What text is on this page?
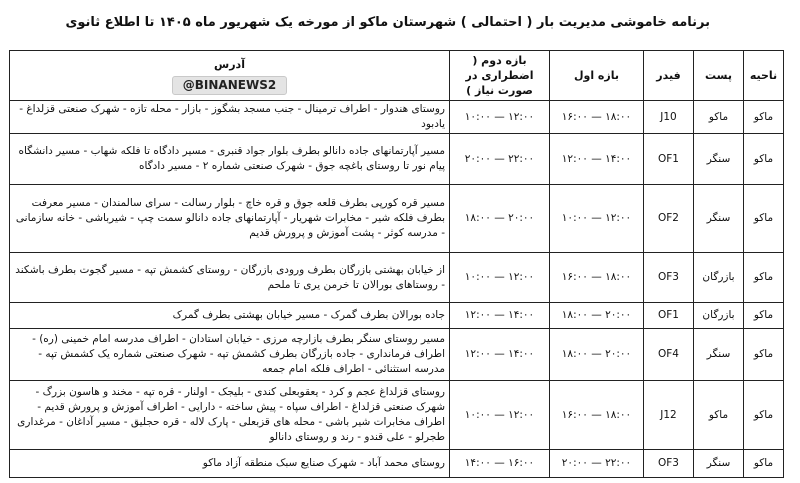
برنامه خاموشی مدیریت بار ( احتمالی ) شهرستان ماکو از مورخه یک شهریور ماه ۱۴۰۵ تا اطلاع ثانوی
ناحیه	پست	فیدر	بازه اول	بازه دوم ( اضطراری در صورت نیاز )	آدرس
@BINANEWS2
ماکو	ماکو	J10	۱۸:۰۰ — ۱۶:۰۰	۱۲:۰۰ — ۱۰:۰۰	روستای هندوار - اطراف ترمینال - جنب مسجد بشگوز - بازار - محله تازه - شهرک صنعتی قزلداغ - یادبود
ماکو	سنگر	OF1	۱۴:۰۰ — ۱۲:۰۰	۲۲:۰۰ — ۲۰:۰۰	مسیر آپارتمانهای جاده دانالو بطرف بلوار جواد قنبری - مسیر دادگاه تا فلکه شهاب - مسیر دانشگاه پیام نور تا روستای باغچه جوق - شهرک صنعتی شماره ۲ - مسیر دادگاه
ماکو	سنگر	OF2	۱۲:۰۰ — ۱۰:۰۰	۲۰:۰۰ — ۱۸:۰۰	مسیر قره کورپی بطرف قلعه جوق و قره خاچ - بلوار رسالت - سرای سالمندان - مسیر معرفت بطرف فلکه شیر - مخابرات شهریار - آپارتمانهای جاده دانالو سمت چپ - شیرباشی - خانه سازمانی - مدرسه کوثر - پشت آموزش و پرورش قدیم
ماکو	بازرگان	OF3	۱۸:۰۰ — ۱۶:۰۰	۱۲:۰۰ — ۱۰:۰۰	از خیابان بهشتی بازرگان بطرف ورودی بازرگان - روستای کشمش تپه - مسیر گجوت بطرف باشکند - روستاهای بورالان تا خرمن یری تا ملحم
ماکو	بازرگان	OF1	۲۰:۰۰ — ۱۸:۰۰	۱۴:۰۰ — ۱۲:۰۰	جاده بورالان بطرف گمرک - مسیر خیابان بهشتی بطرف گمرک
ماکو	سنگر	OF4	۲۰:۰۰ — ۱۸:۰۰	۱۴:۰۰ — ۱۲:۰۰	مسیر روستای سنگر بطرف بازارچه مرزی - خیابان استادان - اطراف مدرسه امام خمینی (ره) - اطراف فرمانداری - جاده بازرگان بطرف کشمش تپه - شهرک صنعتی شماره یک کشمش تپه - مدرسه استثنائی - اطراف فلکه امام جمعه
ماکو	ماکو	J12	۱۸:۰۰ — ۱۶:۰۰	۱۲:۰۰ — ۱۰:۰۰	روستای قزلداغ عجم و کرد - یعقوبعلی کندی - بلیجک - اولنار - قره تپه - مخند و هاسون بزرگ - شهرک صنعتی قزلداغ - اطراف سپاه - پیش ساخته - دارایی - اطراف آموزش و پرورش قدیم - اطراف مخابرات شیر باشی - محله های قزبعلی - پارک لاله - قره حجلیق - مسیر آداغان - مرغداری طجرلو - علی قندو - رند و روستای دانالو
ماکو	سنگر	OF3	۲۲:۰۰ — ۲۰:۰۰	۱۶:۰۰ — ۱۴:۰۰	روستای محمد آباد - شهرک صنایع سبک منطقه آزاد ماکو
